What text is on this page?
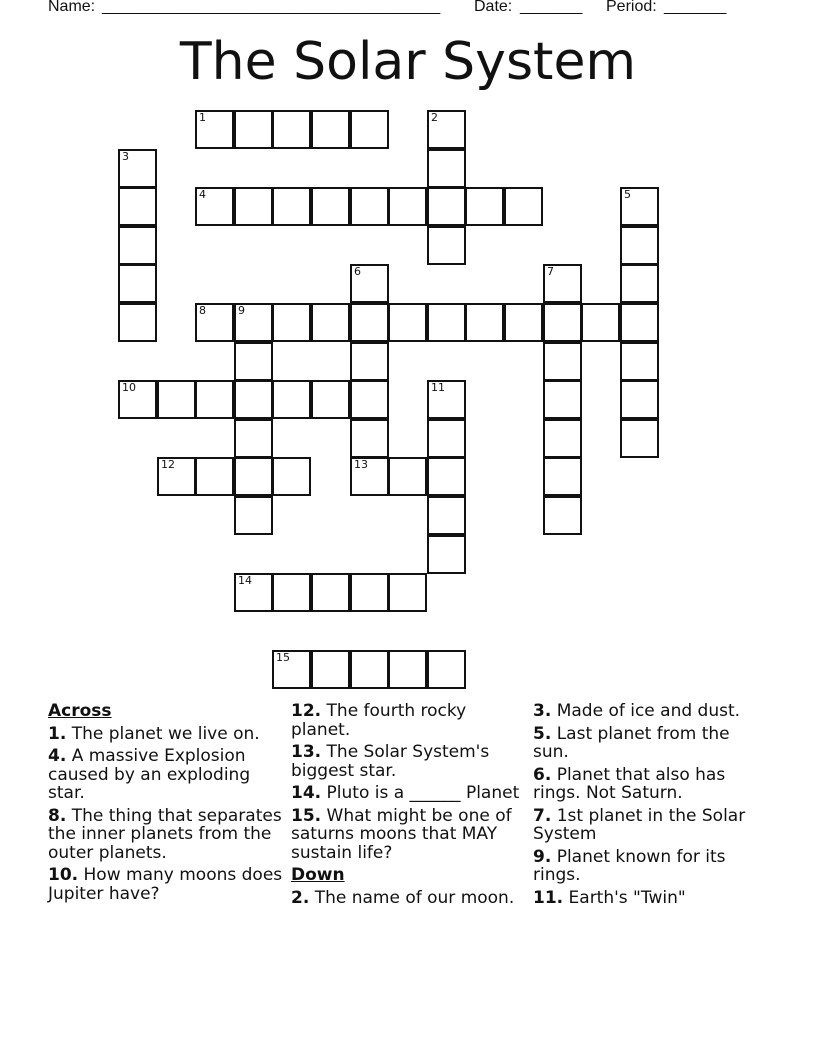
Name: ______________________________________ Date: _______ Period: _______
The Solar System
1	2
3
4	5
6
13
7
8	9
10	11
12
14
15
Across
1. The planet we live on.
4. A massive Explosion caused by an exploding star.
8. The thing that separates the inner planets from the outer planets.
10. How many moons does Jupiter have?
12. The fourth rocky planet.
13. The Solar System's biggest star.
14. Pluto is a ______ Planet
15. What might be one of saturns moons that MAY sustain life?
Down
2. The name of our moon.
3. Made of ice and dust.
5. Last planet from the sun.
6. Planet that also has rings. Not Saturn.
7. 1st planet in the Solar System
9. Planet known for its rings.
11. Earth's "Twin"
